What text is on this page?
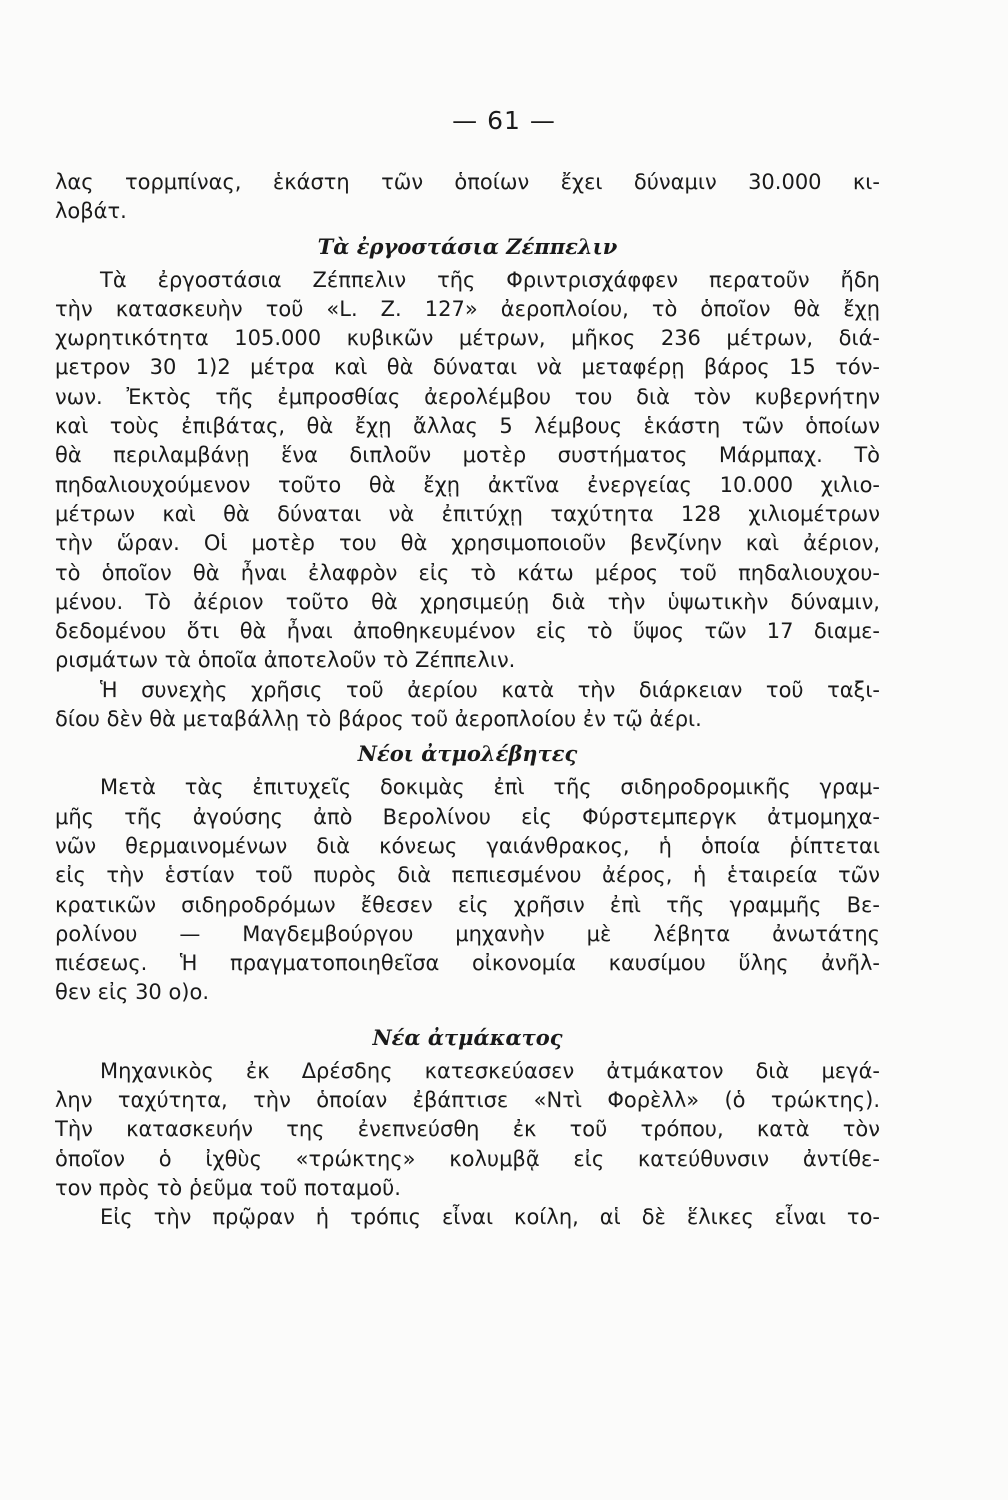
— 61 —
λας τορμπίνας, ἑκάστη τῶν ὁποίων ἔχει δύναμιν 30.000 κι-
λοβάτ.
Τὰ ἐργοστάσια Ζέππελιν
Τὰ ἐργοστάσια Ζέππελιν τῆς Φριντρισχάφφεν περατοῦν ἤδη
τὴν κατασκευὴν τοῦ «L. Z. 127» ἀεροπλοίου, τὸ ὁποῖον θὰ ἔχῃ
χωρητικότητα 105.000 κυβικῶν μέτρων, μῆκος 236 μέτρων, διά-
μετρον 30 1)2 μέτρα καὶ θὰ δύναται νὰ μεταφέρῃ βάρος 15 τόν-
νων. Ἐκτὸς τῆς ἐμπροσθίας ἀερολέμβου του διὰ τὸν κυβερνήτην
καὶ τοὺς ἐπιβάτας, θὰ ἔχῃ ἄλλας 5 λέμβους ἑκάστη τῶν ὁποίων
θὰ περιλαμβάνῃ ἕνα διπλοῦν μοτὲρ συστήματος Μάρμπαχ. Τὸ
πηδαλιουχούμενον τοῦτο θὰ ἔχῃ ἀκτῖνα ἐνεργείας 10.000 χιλιο-
μέτρων καὶ θὰ δύναται νὰ ἐπιτύχῃ ταχύτητα 128 χιλιομέτρων
τὴν ὥραν. Οἱ μοτὲρ του θὰ χρησιμοποιοῦν βενζίνην καὶ ἀέριον,
τὸ ὁποῖον θὰ ἦναι ἐλαφρὸν εἰς τὸ κάτω μέρος τοῦ πηδαλιουχου-
μένου. Τὸ ἀέριον τοῦτο θὰ χρησιμεύῃ διὰ τὴν ὑψωτικὴν δύναμιν,
δεδομένου ὅτι θὰ ἦναι ἀποθηκευμένον εἰς τὸ ὕψος τῶν 17 διαμε-
ρισμάτων τὰ ὁποῖα ἀποτελοῦν τὸ Ζέππελιν.
Ἡ συνεχὴς χρῆσις τοῦ ἀερίου κατὰ τὴν διάρκειαν τοῦ ταξι-
δίου δὲν θὰ μεταβάλλῃ τὸ βάρος τοῦ ἀεροπλοίου ἐν τῷ ἀέρι.
Νέοι ἀτμολέβητες
Μετὰ τὰς ἐπιτυχεῖς δοκιμὰς ἐπὶ τῆς σιδηροδρομικῆς γραμ-
μῆς τῆς ἀγούσης ἀπὸ Βερολίνου εἰς Φύρστεμπεργκ ἀτμομηχα-
νῶν θερμαινομένων διὰ κόνεως γαιάνθρακος, ἡ ὁποία ῥίπτεται
εἰς τὴν ἑστίαν τοῦ πυρὸς διὰ πεπιεσμένου ἀέρος, ἡ ἑταιρεία τῶν
κρατικῶν σιδηροδρόμων ἔθεσεν εἰς χρῆσιν ἐπὶ τῆς γραμμῆς Βε-
ρολίνου — Μαγδεμβούργου μηχανὴν μὲ λέβητα ἀνωτάτης
πιέσεως. Ἡ πραγματοποιηθεῖσα οἰκονομία καυσίμου ὕλης ἀνῆλ-
θεν εἰς 30 ο)ο.
Νέα ἀτμάκατος
Μηχανικὸς ἐκ Δρέσδης κατεσκεύασεν ἀτμάκατον διὰ μεγά-
λην ταχύτητα, τὴν ὁποίαν ἐβάπτισε «Ντὶ Φορὲλλ» (ὁ τρώκτης).
Τὴν κατασκευήν της ἐνεπνεύσθη ἐκ τοῦ τρόπου, κατὰ τὸν
ὁποῖον ὁ ἰχθὺς «τρώκτης» κολυμβᾷ εἰς κατεύθυνσιν ἀντίθε-
τον πρὸς τὸ ῥεῦμα τοῦ ποταμοῦ.
Εἰς τὴν πρῷραν ἡ τρόπις εἶναι κοίλη, αἱ δὲ ἕλικες εἶναι το-
